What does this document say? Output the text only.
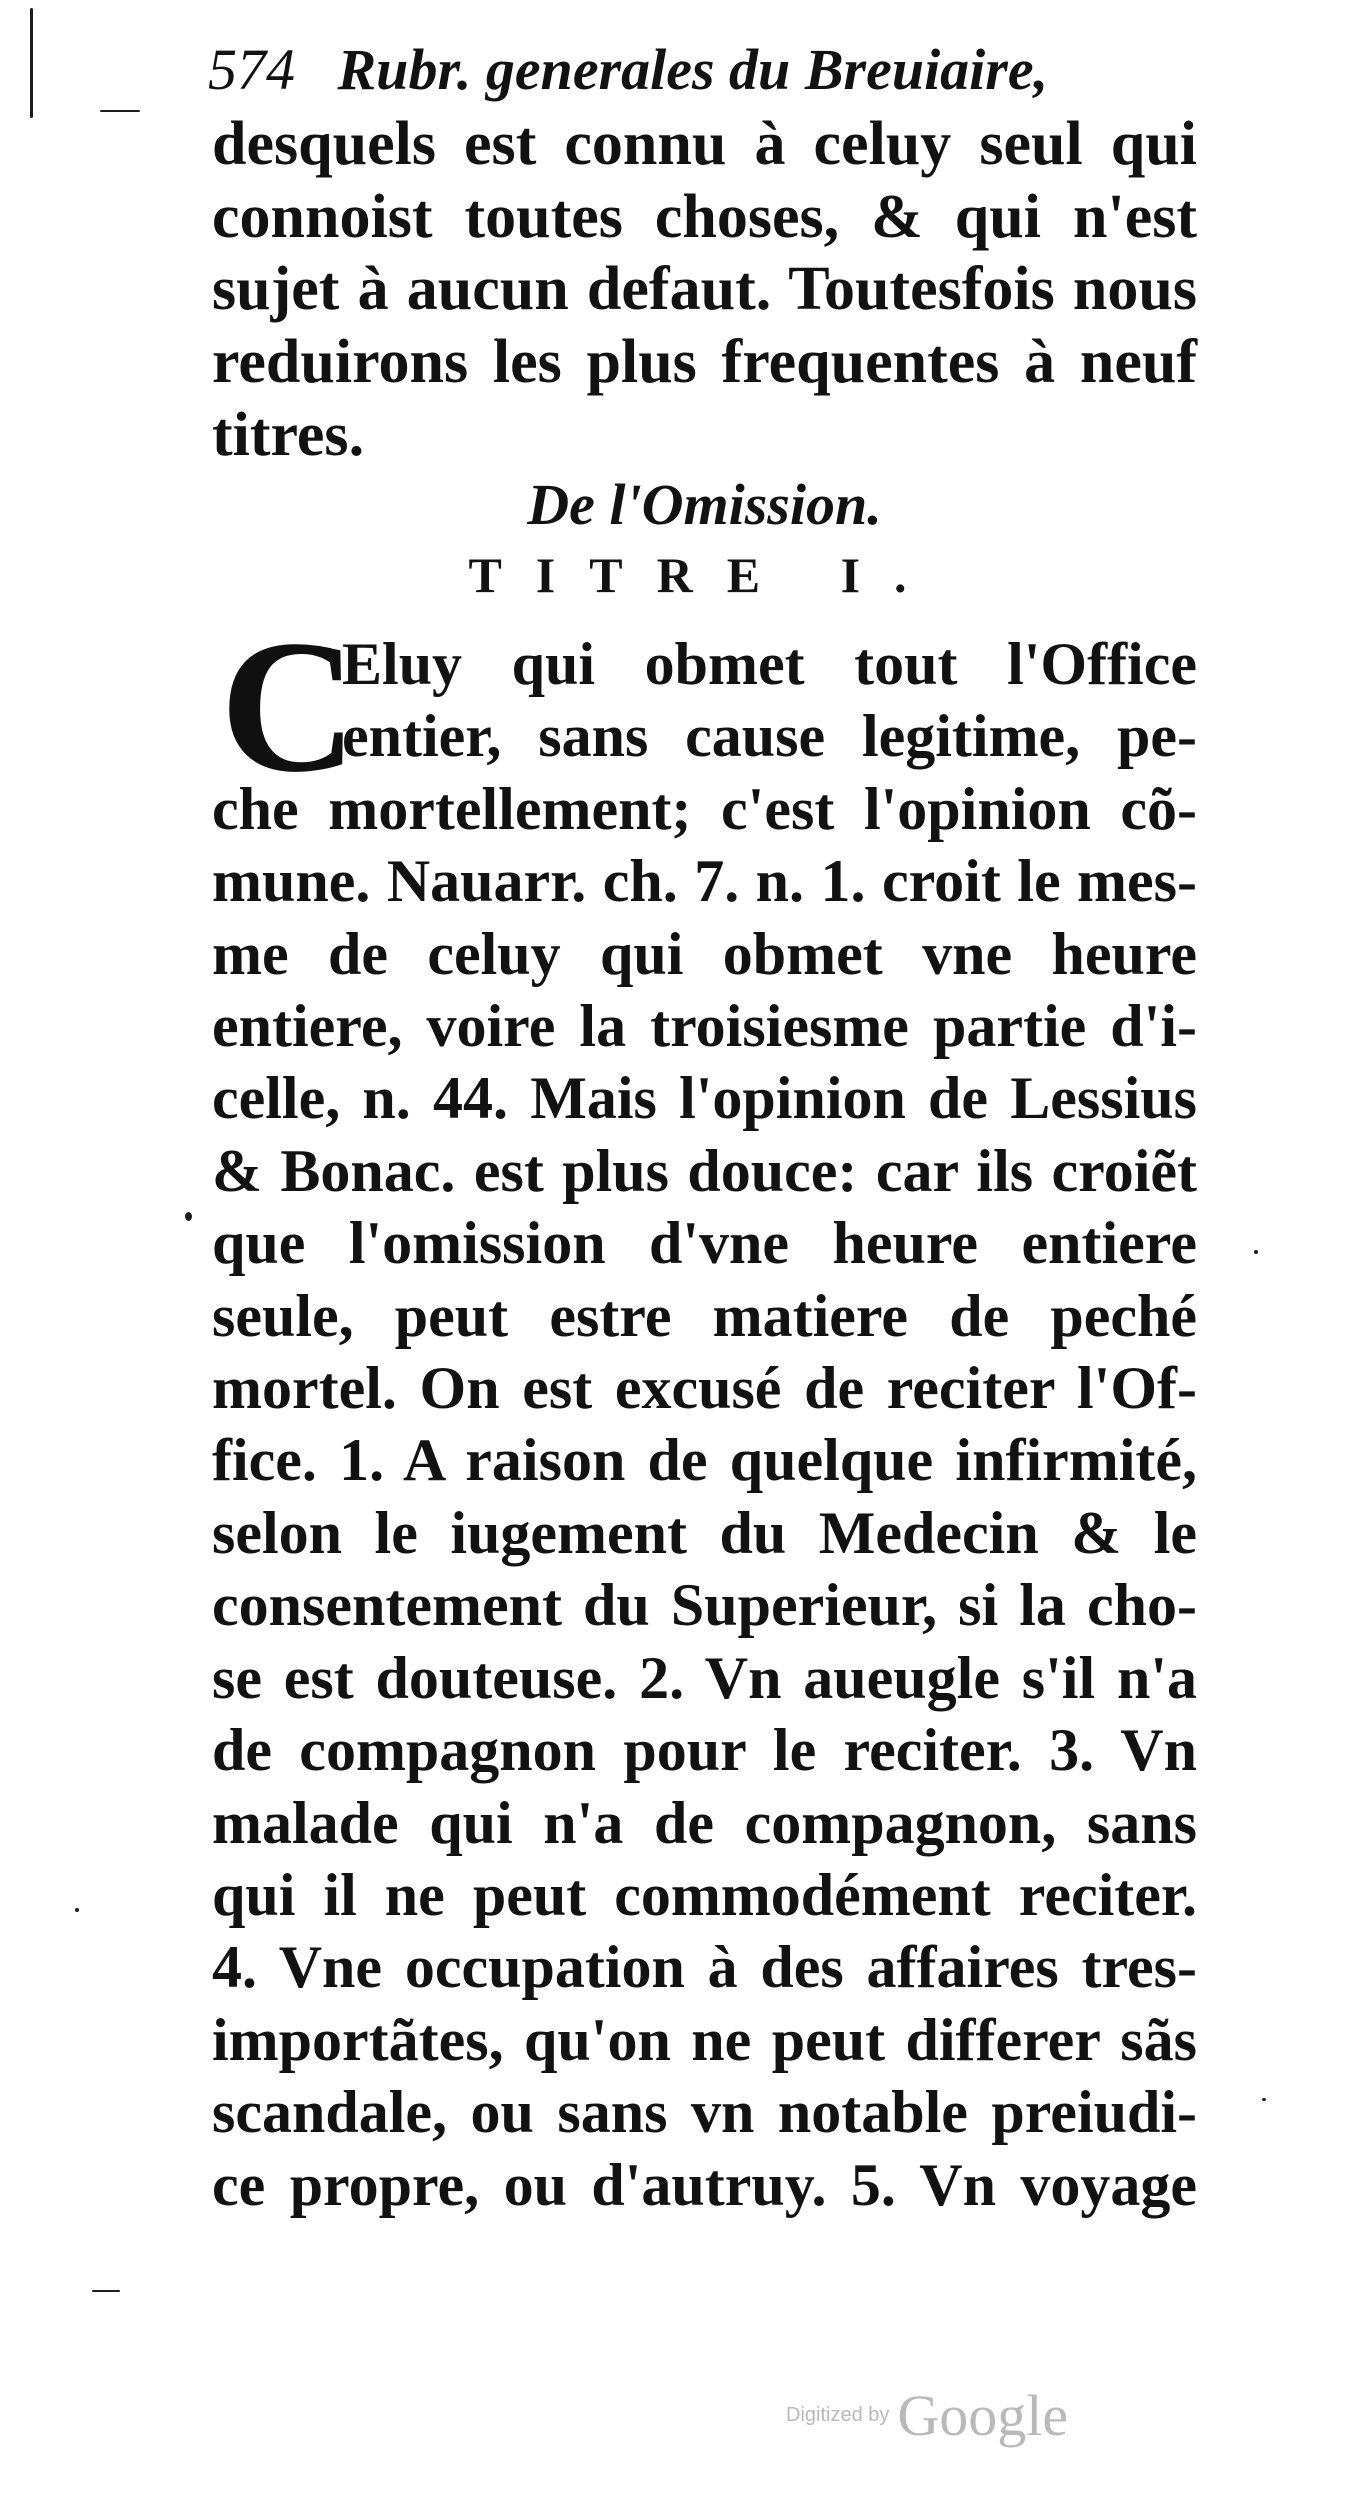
574 Rubr. generales du Breuiaire,
desquels est connu à celuy seul qui
connoist toutes choses, & qui n'est
sujet à aucun defaut. Toutesfois nous
reduirons les plus frequentes à neuf
titres.
De l'Omission.
TITRE I.
C
Eluy qui obmet tout l'Office
entier, sans cause legitime, pe-
che mortellement; c'est l'opinion cõ-
mune. Nauarr. ch. 7. n. 1. croit le mes-
me de celuy qui obmet vne heure
entiere, voire la troisiesme partie d'i-
celle, n. 44. Mais l'opinion de Lessius
& Bonac. est plus douce: car ils croiẽt
que l'omission d'vne heure entiere
seule, peut estre matiere de peché
mortel. On est excusé de reciter l'Of-
fice. 1. A raison de quelque infirmité,
selon le iugement du Medecin & le
consentement du Superieur, si la cho-
se est douteuse. 2. Vn aueugle s'il n'a
de compagnon pour le reciter. 3. Vn
malade qui n'a de compagnon, sans
qui il ne peut commodément reciter.
4. Vne occupation à des affaires tres-
importãtes, qu'on ne peut differer sãs
scandale, ou sans vn notable preiudi-
ce propre, ou d'autruy. 5. Vn voyage
Digitized by Google
